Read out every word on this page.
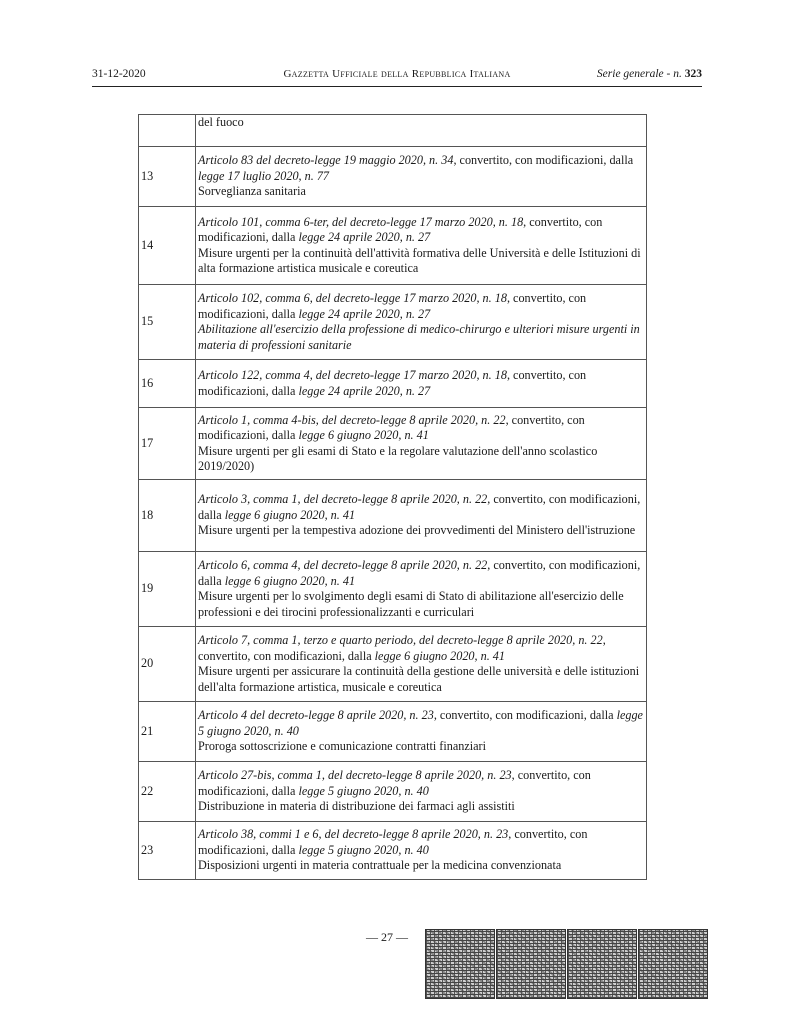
31-12-2020	Gazzetta Ufficiale della Repubblica Italiana	Serie generale - n. 323

	del fuoco

13	Articolo 83 del decreto-legge 19 maggio 2020, n. 34, convertito, con modificazioni, dalla legge 17 luglio 2020, n. 77
Sorveglianza sanitaria

14	Articolo 101, comma 6-ter, del decreto-legge 17 marzo 2020, n. 18, convertito, con modificazioni, dalla legge 24 aprile 2020, n. 27
Misure urgenti per la continuità dell'attività formativa delle Università e delle Istituzioni di alta formazione artistica musicale e coreutica

15	Articolo 102, comma 6, del decreto-legge 17 marzo 2020, n. 18, convertito, con modificazioni, dalla legge 24 aprile 2020, n. 27
Abilitazione all'esercizio della professione di medico-chirurgo e ulteriori misure urgenti in materia di professioni sanitarie

16	Articolo 122, comma 4, del decreto-legge 17 marzo 2020, n. 18, convertito, con modificazioni, dalla legge 24 aprile 2020, n. 27

17	Articolo 1, comma 4-bis, del decreto-legge 8 aprile 2020, n. 22, convertito, con modificazioni, dalla legge 6 giugno 2020, n. 41
Misure urgenti per gli esami di Stato e la regolare valutazione dell'anno scolastico 2019/2020)

18	Articolo 3, comma 1, del decreto-legge 8 aprile 2020, n. 22, convertito, con modificazioni, dalla legge 6 giugno 2020, n. 41
Misure urgenti per la tempestiva adozione dei provvedimenti del Ministero dell'istruzione

19	Articolo 6, comma 4, del decreto-legge 8 aprile 2020, n. 22, convertito, con modificazioni, dalla legge 6 giugno 2020, n. 41
Misure urgenti per lo svolgimento degli esami di Stato di abilitazione all'esercizio delle professioni e dei tirocini professionalizzanti e curriculari

20	Articolo 7, comma 1, terzo e quarto periodo, del decreto-legge 8 aprile 2020, n. 22, convertito, con modificazioni, dalla legge 6 giugno 2020, n. 41
Misure urgenti per assicurare la continuità della gestione delle università e delle istituzioni dell'alta formazione artistica, musicale e coreutica

21	Articolo 4 del decreto-legge 8 aprile 2020, n. 23, convertito, con modificazioni, dalla legge 5 giugno 2020, n. 40
Proroga sottoscrizione e comunicazione contratti finanziari

22	Articolo 27-bis, comma 1, del decreto-legge 8 aprile 2020, n. 23, convertito, con modificazioni, dalla legge 5 giugno 2020, n. 40
Distribuzione in materia di distribuzione dei farmaci agli assistiti

23	Articolo 38, commi 1 e 6, del decreto-legge 8 aprile 2020, n. 23, convertito, con modificazioni, dalla legge 5 giugno 2020, n. 40
Disposizioni urgenti in materia contrattuale per la medicina convenzionata
— 27 —
